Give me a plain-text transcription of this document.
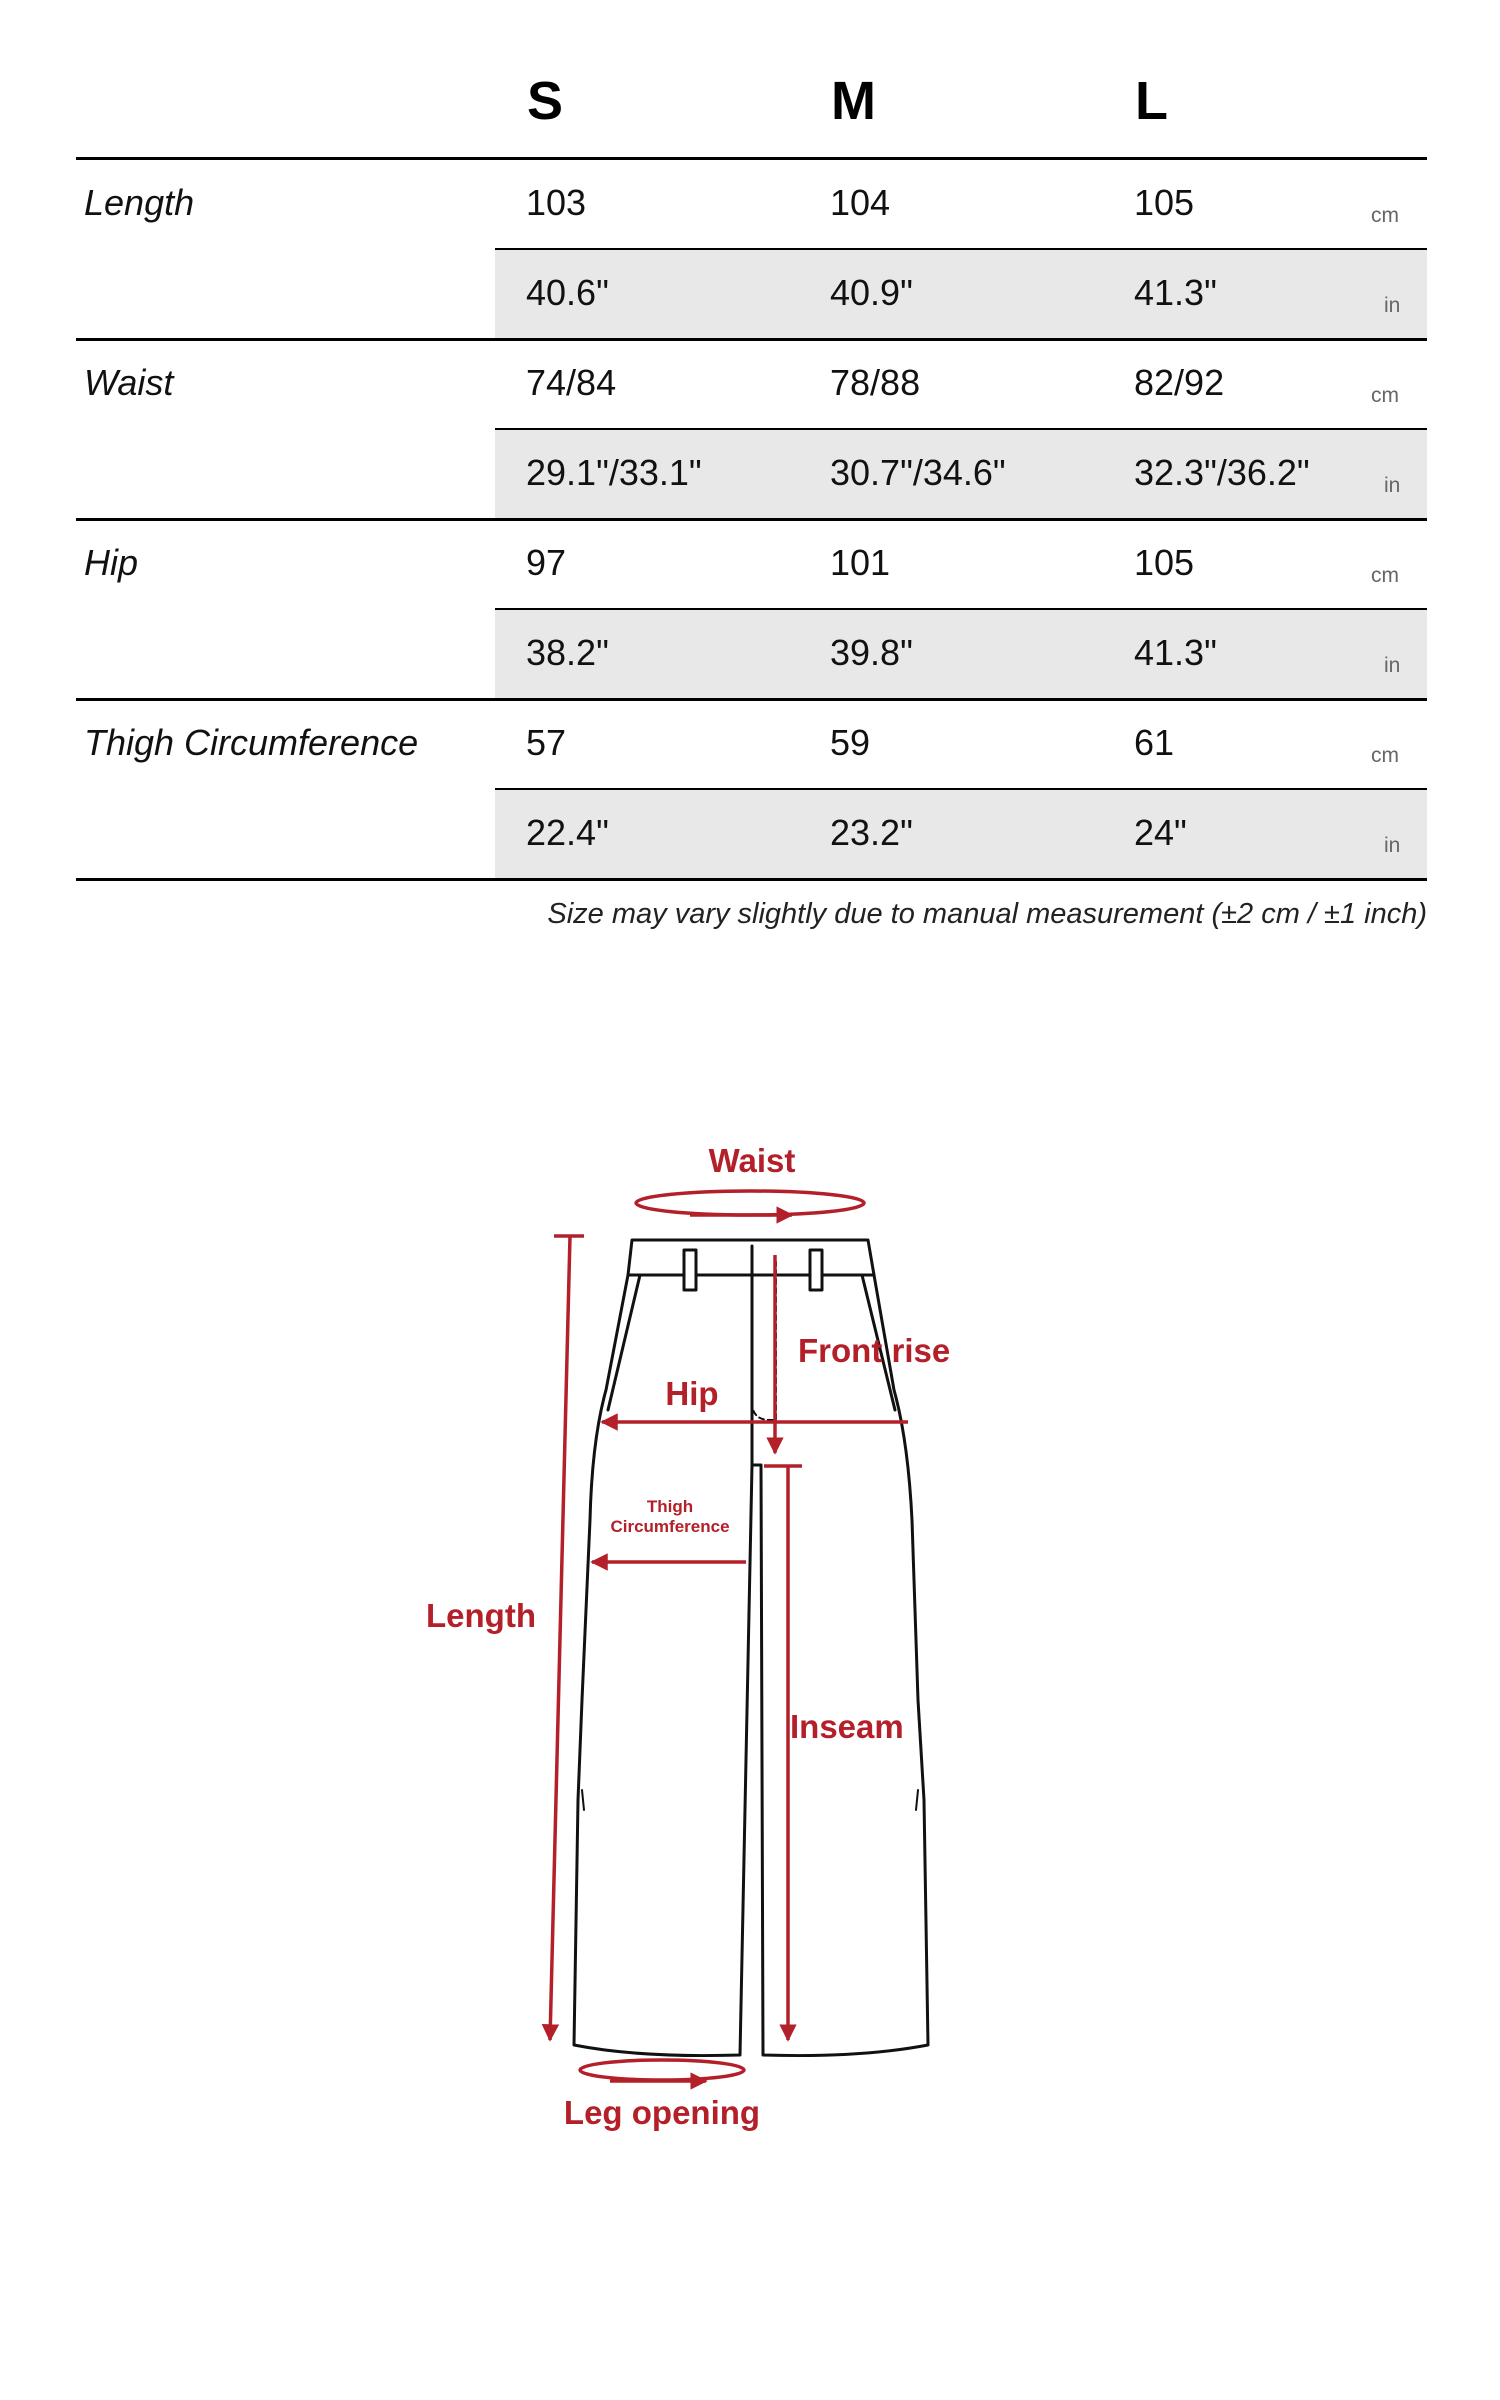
S	M	L
Length	103	104	105	cm
40.6"	40.9"	41.3"	in
Waist	74/84	78/88	82/92	cm
29.1"/33.1"	30.7"/34.6"	32.3"/36.2"	in
Hip	97	101	105	cm
38.2"	39.8"	41.3"	in
Thigh Circumference	57	59	61	cm
22.4"	23.2"	24"	in
Size may vary slightly due to manual measurement (±2 cm / ±1 inch)
Waist
Front rise
Hip
Thigh
Circumference
Length
Inseam
Leg opening
